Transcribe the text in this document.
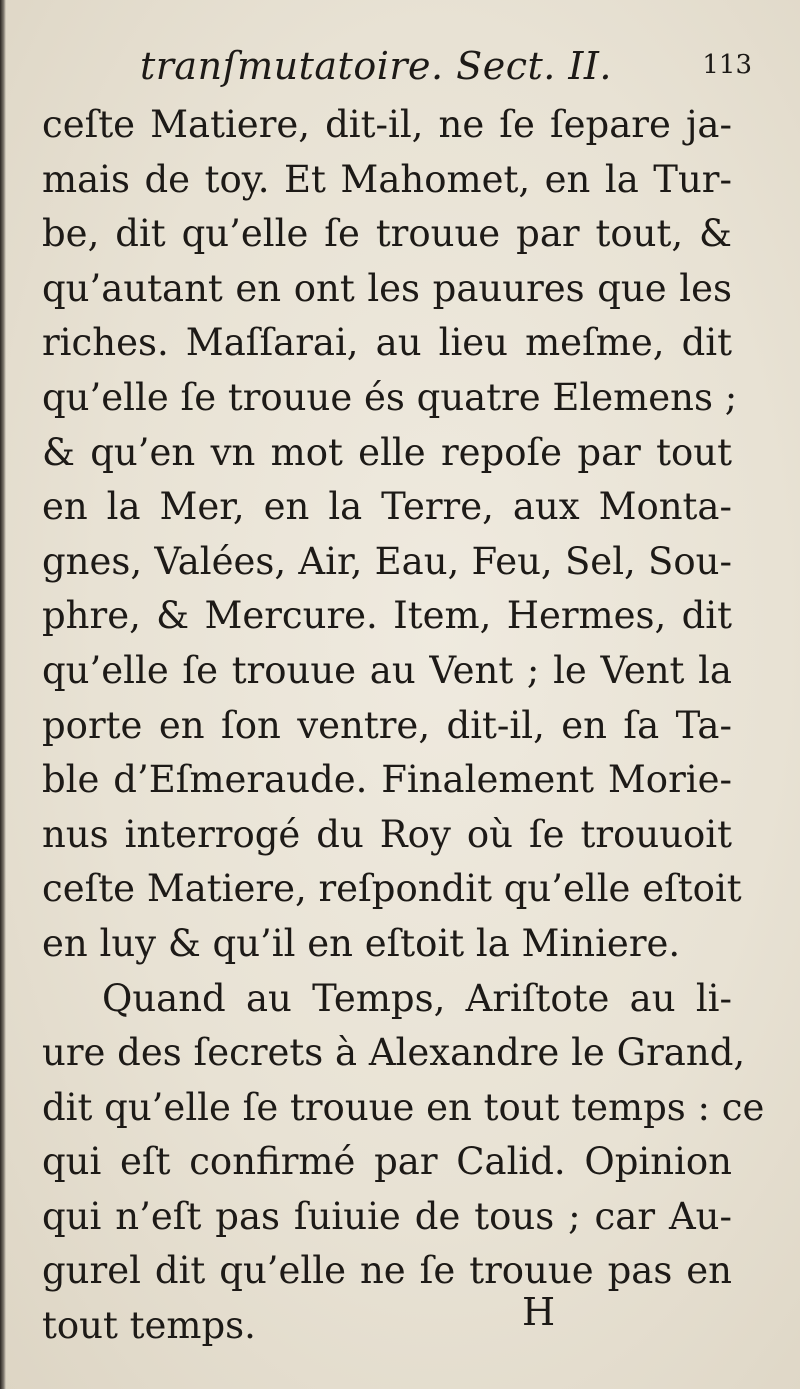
tranſmutatoire. Sect. II.	113
ceſte Matiere, dit-il, ne ſe ſepare ja-
mais de toy. Et Mahomet, en la Tur-
be, dit qu’elle ſe trouue par tout, &
qu’autant en ont les pauures que les
riches. Maſſarai, au lieu meſme, dit
qu’elle ſe trouue és quatre Elemens ;
& qu’en vn mot elle repoſe par tout
en la Mer, en la Terre, aux Monta-
gnes, Valées, Air, Eau, Feu, Sel, Sou-
phre, & Mercure. Item, Hermes, dit
qu’elle ſe trouue au Vent ; le Vent la
porte en ſon ventre, dit-il, en ſa Ta-
ble d’Eſmeraude. Finalement Morie-
nus interrogé du Roy où ſe trouuoit
ceſte Matiere, reſpondit qu’elle eſtoit
en luy & qu’il en eſtoit la Miniere.
Quand au Temps, Ariſtote au li-
ure des ſecrets à Alexandre le Grand,
dit qu’elle ſe trouue en tout temps : ce
qui eſt confirmé par Calid. Opinion
qui n’eſt pas ſuiuie de tous ; car Au-
gurel dit qu’elle ne ſe trouue pas en
tout temps.	H
